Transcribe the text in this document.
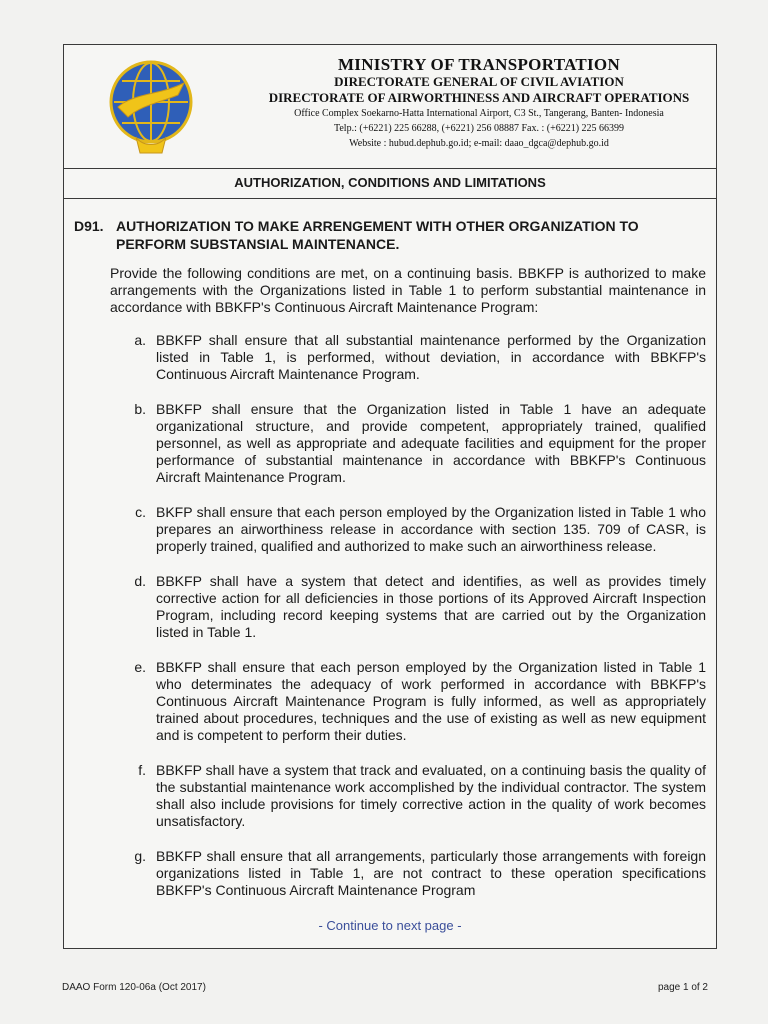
MINISTRY OF TRANSPORTATION
DIRECTORATE GENERAL OF CIVIL AVIATION
DIRECTORATE OF AIRWORTHINESS AND AIRCRAFT OPERATIONS
Office Complex Soekarno-Hatta International Airport, C3 St., Tangerang, Banten- Indonesia
Telp.: (+6221) 225 66288, (+6221) 256 08887 Fax. : (+6221) 225 66399
Website : hubud.dephub.go.id; e-mail: daao_dgca@dephub.go.id
AUTHORIZATION, CONDITIONS AND LIMITATIONS
D91. AUTHORIZATION TO MAKE ARRENGEMENT WITH OTHER ORGANIZATION TO PERFORM SUBSTANSIAL MAINTENANCE.
Provide the following conditions are met, on a continuing basis. BBKFP is authorized to make arrangements with the Organizations listed in Table 1 to perform substantial maintenance in accordance with BBKFP's Continuous Aircraft Maintenance Program:
a. BBKFP shall ensure that all substantial maintenance performed by the Organization listed in Table 1, is performed, without deviation, in accordance with BBKFP's Continuous Aircraft Maintenance Program.
b. BBKFP shall ensure that the Organization listed in Table 1 have an adequate organizational structure, and provide competent, appropriately trained, qualified personnel, as well as appropriate and adequate facilities and equipment for the proper performance of substantial maintenance in accordance with BBKFP's Continuous Aircraft Maintenance Program.
c. BKFP shall ensure that each person employed by the Organization listed in Table 1 who prepares an airworthiness release in accordance with section 135. 709 of CASR, is properly trained, qualified and authorized to make such an airworthiness release.
d. BBKFP shall have a system that detect and identifies, as well as provides timely corrective action for all deficiencies in those portions of its Approved Aircraft Inspection Program, including record keeping systems that are carried out by the Organization listed in Table 1.
e. BBKFP shall ensure that each person employed by the Organization listed in Table 1 who determinates the adequacy of work performed in accordance with BBKFP's Continuous Aircraft Maintenance Program is fully informed, as well as appropriately trained about procedures, techniques and the use of existing as well as new equipment and is competent to perform their duties.
f. BBKFP shall have a system that track and evaluated, on a continuing basis the quality of the substantial maintenance work accomplished by the individual contractor. The system shall also include provisions for timely corrective action in the quality of work becomes unsatisfactory.
g. BBKFP shall ensure that all arrangements, particularly those arrangements with foreign organizations listed in Table 1, are not contract to these operation specifications BBKFP's Continuous Aircraft Maintenance Program
- Continue to next page -
DAAO Form 120-06a (Oct 2017)	page 1 of 2
